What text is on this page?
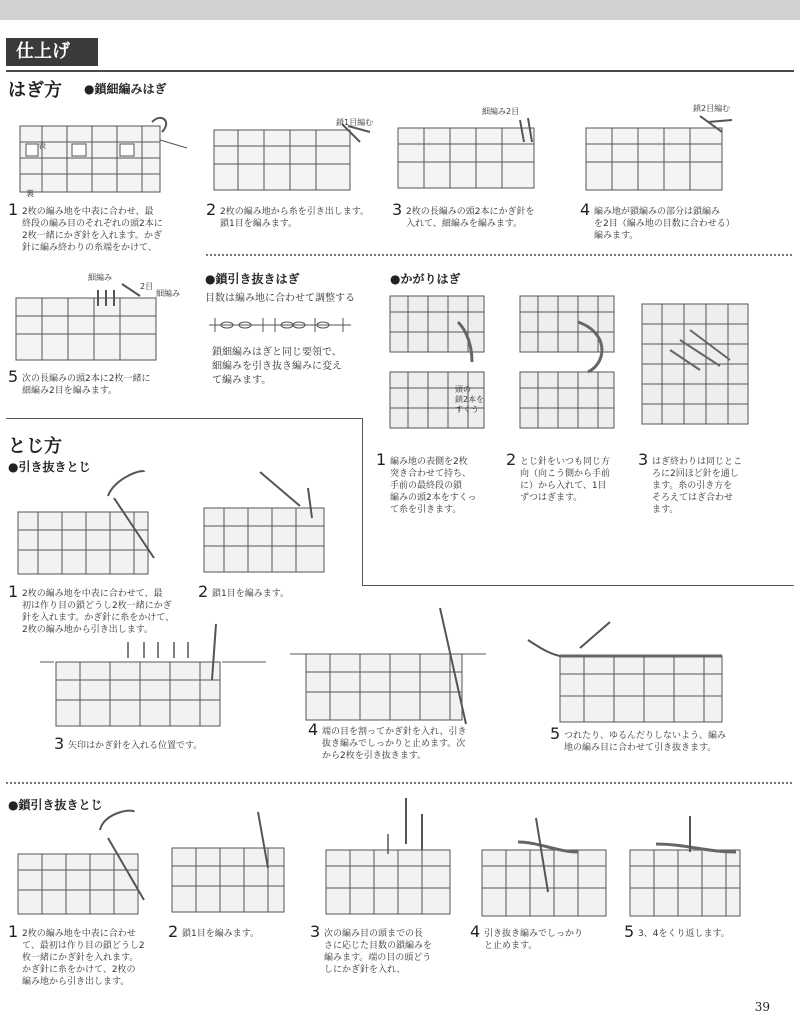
仕上げ
はぎ方 ●鎖細編みはぎ
表
裏
鎖1目編む
細編み2目	鎖2目編む
1 2枚の編み地を中表に合わせ、最
終段の編み目のそれぞれの頭2本に
2枚一緒にかぎ針を入れます。かぎ
針に編み終わりの糸端をかけて、
2 2枚の編み地から糸を引き出します。
鎖1目を編みます。
3 2枚の長編みの頭2本にかぎ針を
入れて、細編みを編みます。
4 編み地が鎖編みの部分は鎖編み
を2目（編み地の目数に合わせる）
編みます。
細編み
2目
細編み
5 次の長編みの頭2本に2枚一緒に
細編み2目を編みます。
●鎖引き抜きはぎ
目数は編み地に合わせて調整する
鎖細編みはぎと同じ要領で、
細編みを引き抜き編みに変え
て編みます。
●かがりはぎ
頭の
鎖2本を
すくう
1 編み地の表側を2枚
突き合わせて持ち、
手前の最終段の鎖
編みの頭2本をすくっ
て糸を引きます。
2 とじ針をいつも同じ方
向（向こう側から手前
に）から入れて、1目
ずつはぎます。
3 はぎ終わりは同じとこ
ろに2回ほど針を通し
ます。糸の引き方を
そろえてはぎ合わせ
ます。
とじ方
●引き抜きとじ
1 2枚の編み地を中表に合わせて、最
初は作り目の鎖どうし2枚一緒にかぎ
針を入れます。かぎ針に糸をかけて、
2枚の編み地から引き出します。
2 鎖1目を編みます。
3 矢印はかぎ針を入れる位置です。
4 端の目を割ってかぎ針を入れ、引き
抜き編みでしっかりと止めます。次
から2枚を引き抜きます。
5 つれたり、ゆるんだりしないよう、編み
地の編み目に合わせて引き抜きます。
●鎖引き抜きとじ
1 2枚の編み地を中表に合わせ
て、最初は作り目の鎖どうし2
枚一緒にかぎ針を入れます。
かぎ針に糸をかけて、2枚の
編み地から引き出します。
2 鎖1目を編みます。	3 次の編み目の頭までの長
さに応じた目数の鎖編みを
編みます。端の目の頭どう
しにかぎ針を入れ、
4 引き抜き編みでしっかり
と止めます。
5 3、4をくり返します。
39
